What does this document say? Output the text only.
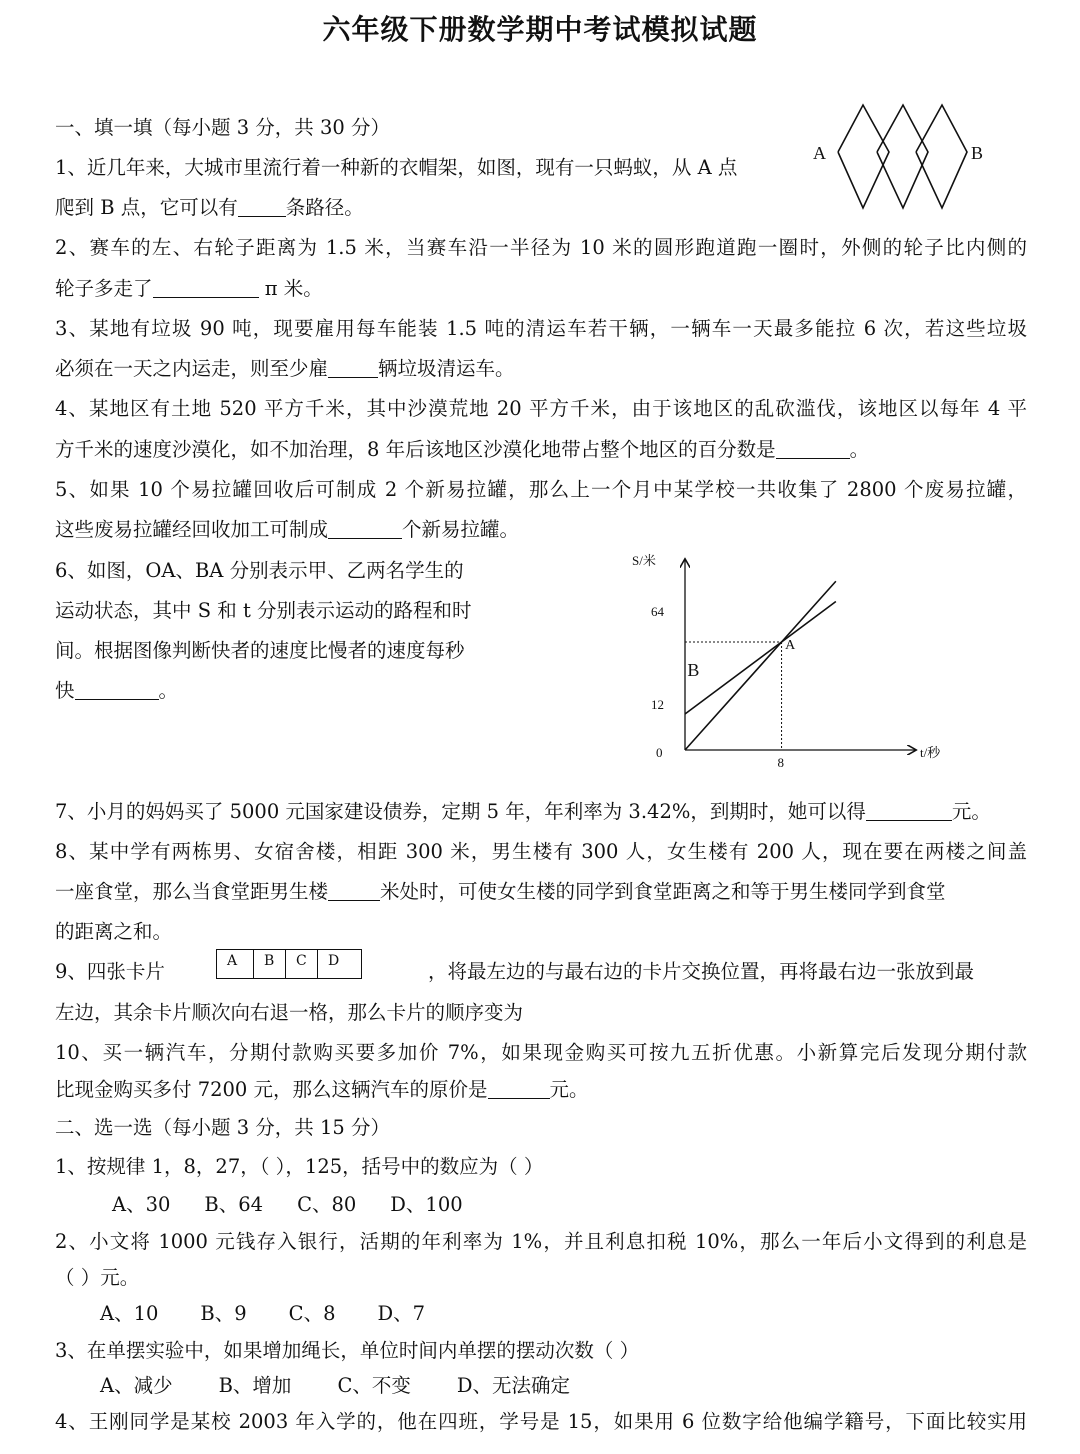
六年级下册数学期中考试模拟试题
一、填一填（每小题 3 分，共 30 分）
1、近几年来，大城市里流行着一种新的衣帽架，如图，现有一只蚂蚁，从 A 点
爬到 B 点，它可以有 条路径。
A	B
2、赛车的左、右轮子距离为 1.5 米，当赛车沿一半径为 10 米的圆形跑道跑一圈时，外侧的轮子比内侧的
轮子多走了	π 米。
3、某地有垃圾 90 吨，现要雇用每车能装 1.5 吨的清运车若干辆，一辆车一天最多能拉 6 次，若这些垃圾
必须在一天之内运走，则至少雇	辆垃圾清运车。
4、某地区有土地 520 平方千米，其中沙漠荒地 20 平方千米，由于该地区的乱砍滥伐，该地区以每年 4 平
方千米的速度沙漠化，如不加治理，8 年后该地区沙漠化地带占整个地区的百分数是	。
5、如果 10 个易拉罐回收后可制成 2 个新易拉罐，那么上一个月中某学校一共收集了 2800 个废易拉罐，
这些废易拉罐经回收加工可制成	个新易拉罐。
6、如图，OA、BA 分别表示甲、乙两名学生的
运动状态，其中 S 和 t 分别表示运动的路程和时
间。根据图像判断快者的速度比慢者的速度每秒
快	。
S/米
t/秒
0
8
12
64
A
B
7、小月的妈妈买了 5000 元国家建设债券，定期 5 年，年利率为 3.42%，到期时，她可以得	元。
8、某中学有两栋男、女宿舍楼，相距 300 米，男生楼有 300 人，女生楼有 200 人，现在要在两楼之间盖
一座食堂，那么当食堂距男生楼	米处时，可使女生楼的同学到食堂距离之和等于男生楼同学到食堂
的距离之和。
9、四张卡片	A B C D	，将最左边的与最右边的卡片交换位置，再将最右边一张放到最
左边，其余卡片顺次向右退一格，那么卡片的顺序变为
10、买一辆汽车，分期付款购买要多加价 7%，如果现金购买可按九五折优惠。小新算完后发现分期付款
比现金购买多付 7200 元，那么这辆汽车的原价是	元。
二、选一选（每小题 3 分，共 15 分）
1、按规律 1，8，27，（ ），125，括号中的数应为（ ）
A、30 B、64 C、80 D、100
2、小文将 1000 元钱存入银行，活期的年利率为 1%，并且利息扣税 10%，那么一年后小文得到的利息是
（ ）元。
A、10 B、9 C、8 D、7
3、在单摆实验中，如果增加绳长，单位时间内单摆的摆动次数（ ）
A、减少 B、增加 C、不变 D、无法确定
4、王刚同学是某校 2003 年入学的，他在四班，学号是 15，如果用 6 位数字给他编学籍号，下面比较实用
